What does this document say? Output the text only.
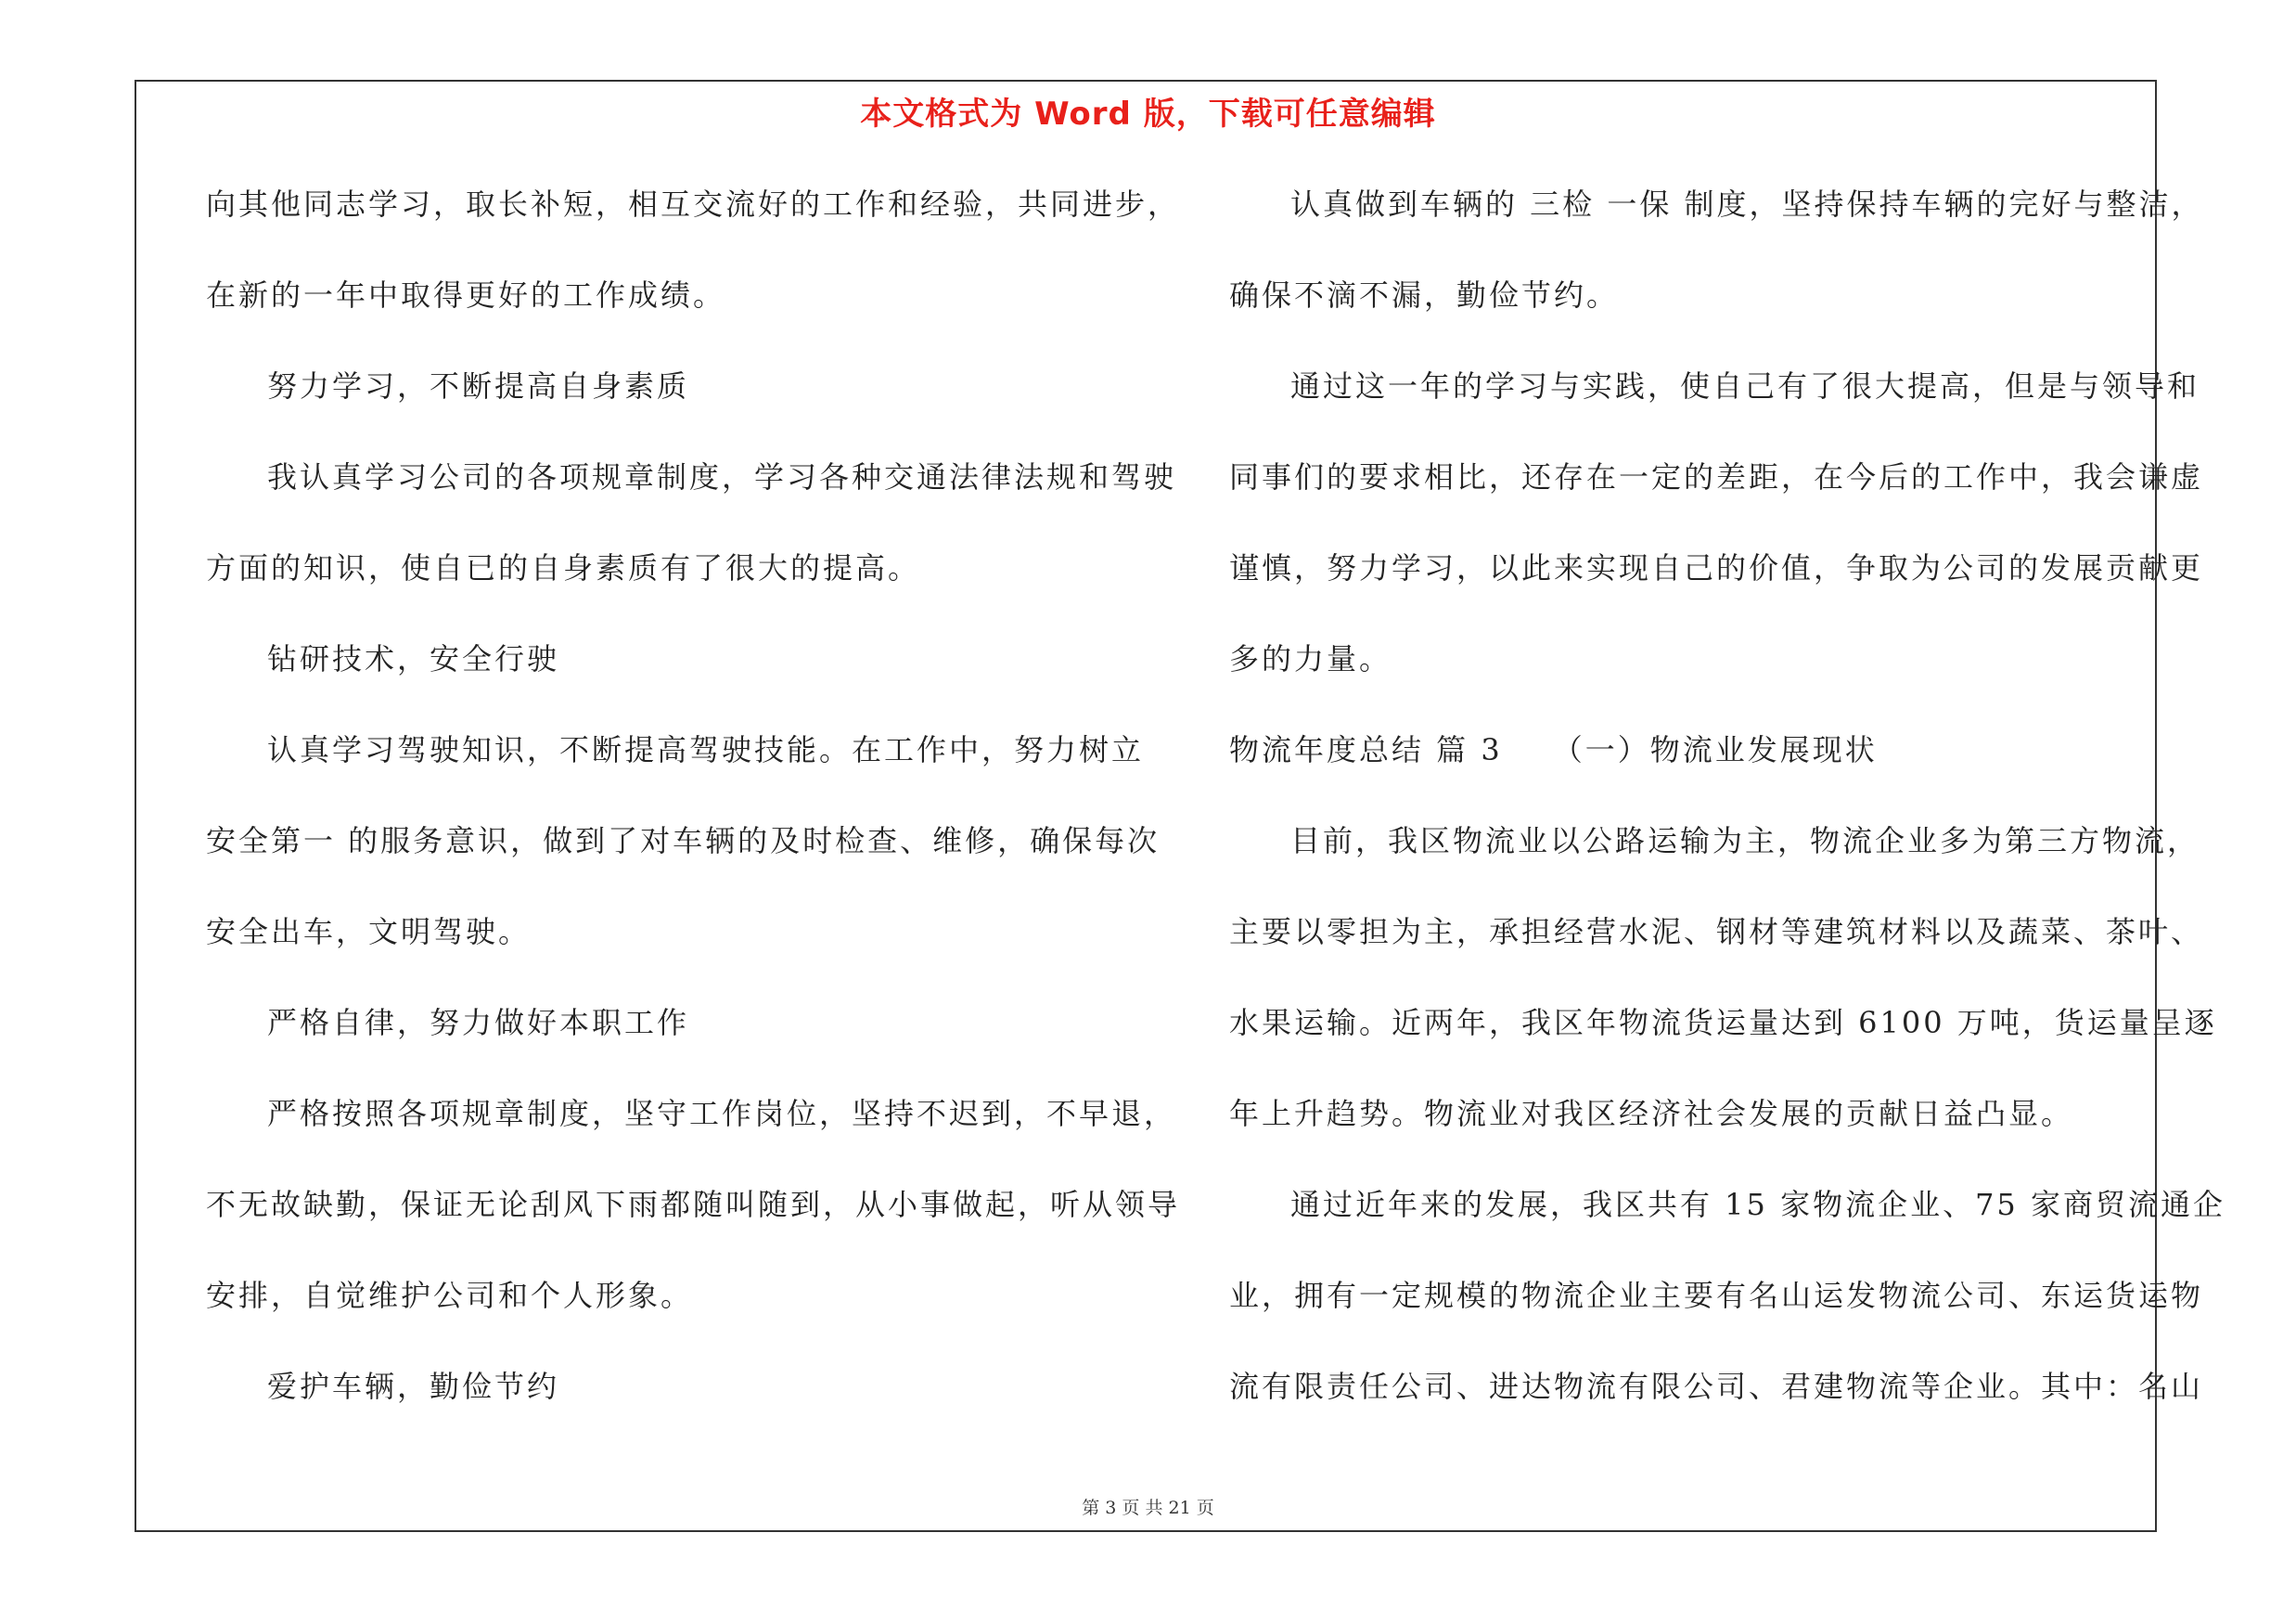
本文格式为 Word 版，下载可任意编辑
向其他同志学习，取长补短，相互交流好的工作和经验，共同进步，
在新的一年中取得更好的工作成绩。
努力学习，不断提高自身素质
我认真学习公司的各项规章制度，学习各种交通法律法规和驾驶
方面的知识，使自已的自身素质有了很大的提高。
钻研技术，安全行驶
认真学习驾驶知识，不断提高驾驶技能。在工作中，努力树立
安全第一 的服务意识，做到了对车辆的及时检查、维修，确保每次
安全出车，文明驾驶。
严格自律，努力做好本职工作
严格按照各项规章制度，坚守工作岗位，坚持不迟到，不早退，
不无故缺勤，保证无论刮风下雨都随叫随到，从小事做起，听从领导
安排，自觉维护公司和个人形象。
爱护车辆，勤俭节约
认真做到车辆的 三检 一保 制度，坚持保持车辆的完好与整洁，
确保不滴不漏，勤俭节约。
通过这一年的学习与实践，使自己有了很大提高，但是与领导和
同事们的要求相比，还存在一定的差距，在今后的工作中，我会谦虚
谨慎，努力学习，以此来实现自己的价值，争取为公司的发展贡献更
多的力量。
物流年度总结 篇 3　　（一）物流业发展现状
目前，我区物流业以公路运输为主，物流企业多为第三方物流，
主要以零担为主，承担经营水泥、钢材等建筑材料以及蔬菜、茶叶、
水果运输。近两年，我区年物流货运量达到 6100 万吨，货运量呈逐
年上升趋势。物流业对我区经济社会发展的贡献日益凸显。
通过近年来的发展，我区共有 15 家物流企业、75 家商贸流通企
业，拥有一定规模的物流企业主要有名山运发物流公司、东运货运物
流有限责任公司、进达物流有限公司、君建物流等企业。其中：名山
第 3 页 共 21 页
